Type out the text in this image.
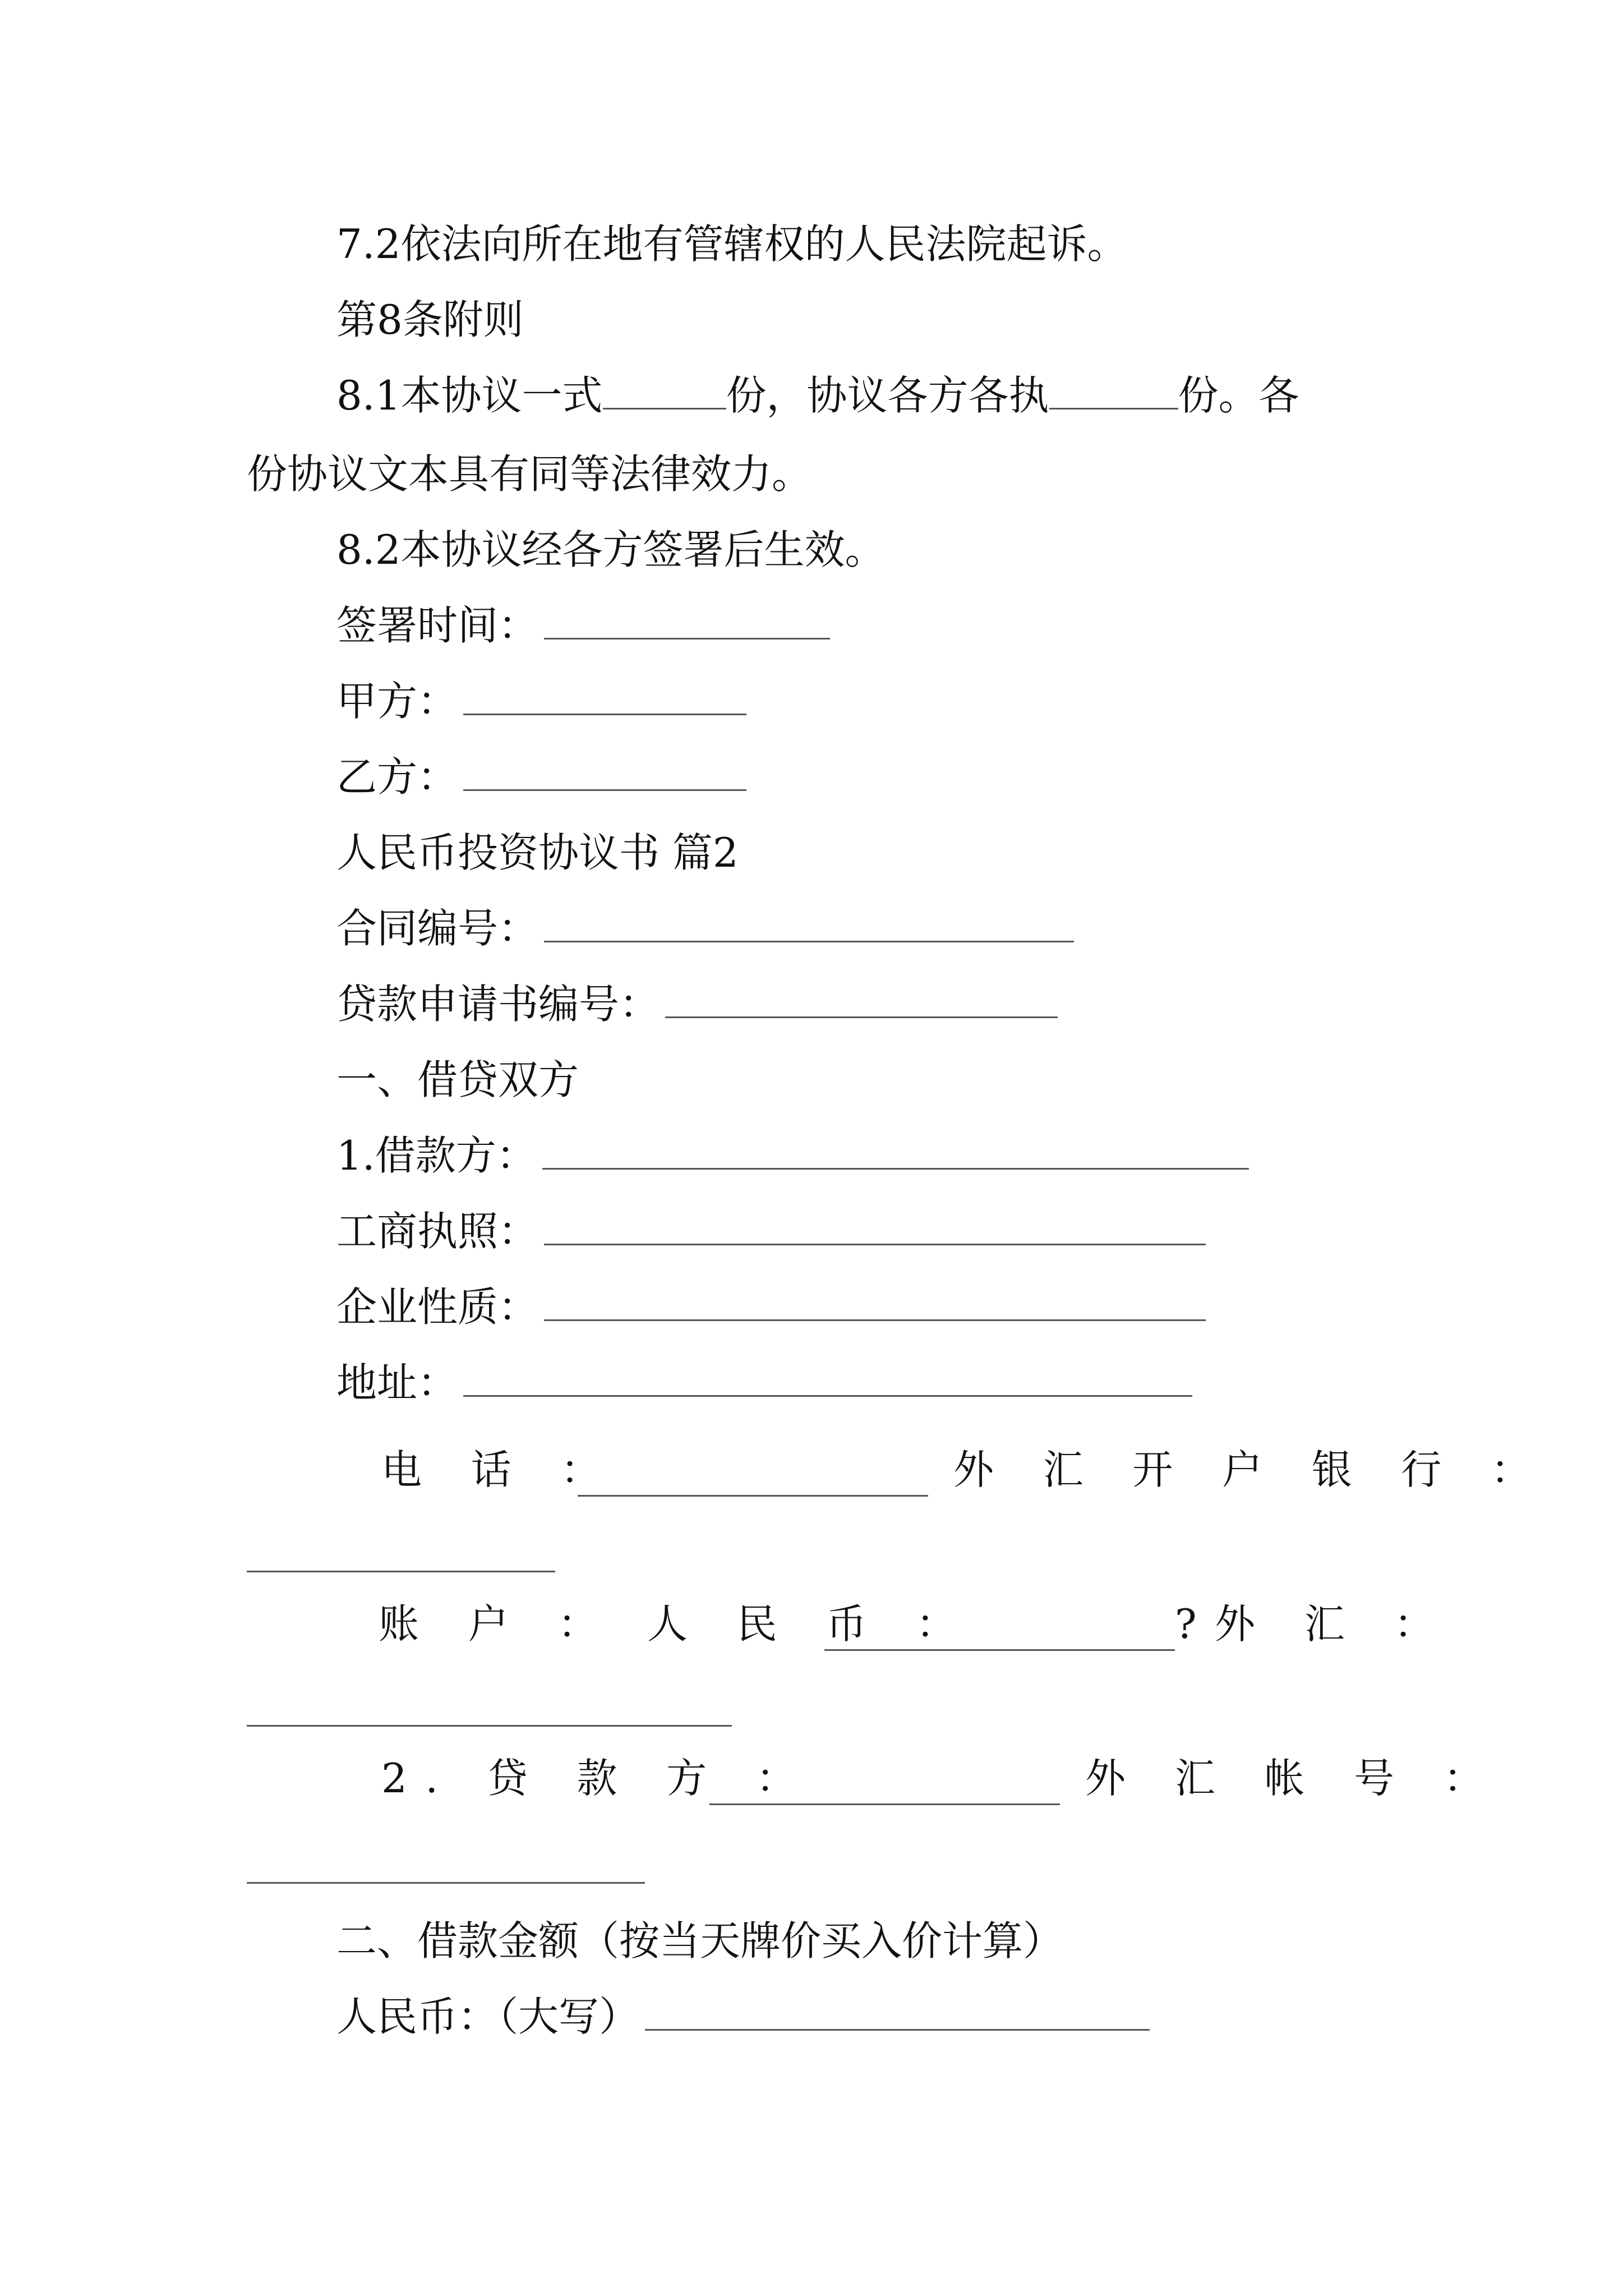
7.2依法向所在地有管辖权的人民法院起诉。
第8条附则
8.1本协议一式	份，协议各方各执	份。各
份协议文本具有同等法律效力。
8.2本协议经各方签署后生效。
签署时间：
甲方：
乙方：
人民币投资协议书 篇2
合同编号：
贷款申请书编号：
一、借贷双方
1.借款方：
工商执照：
企业性质：
地址：
电 话 ：	外 汇 开 户 银 行 ：
账 户 ： 人 民 币 ：	?外 汇 ：
2. 贷 款 方 ：	外 汇 帐 号 ：
二、借款金额（按当天牌价买入价计算）
人民币：（大写）
